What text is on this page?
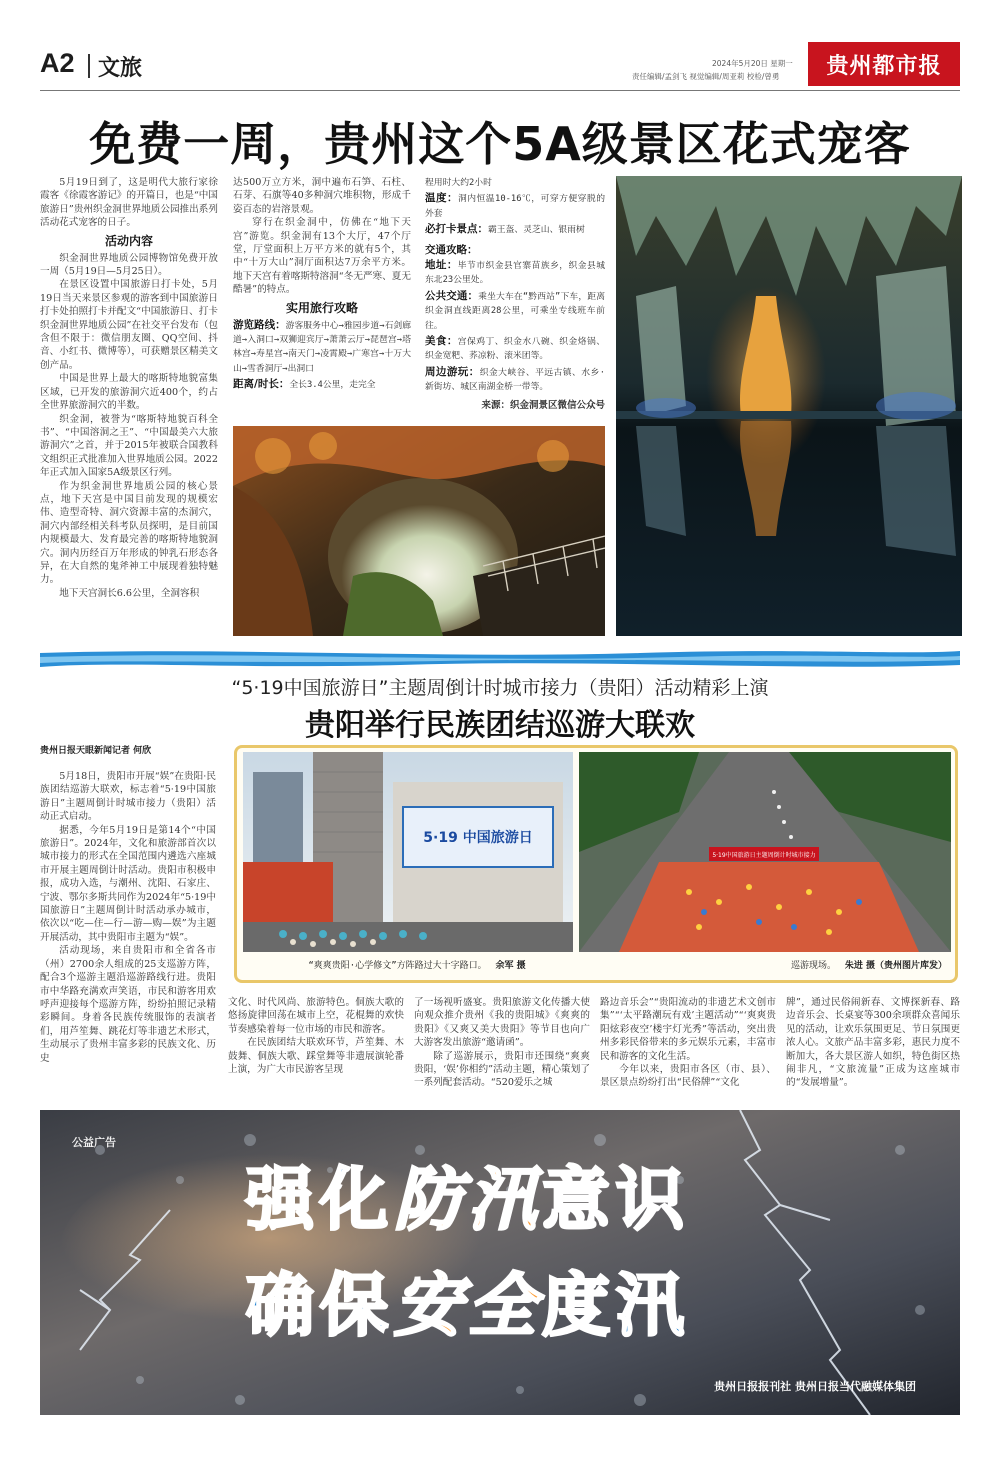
A2 文旅	2024年5月20日 星期一
责任编辑/孟剑飞 视觉编辑/周亚莉 校检/曾勇 贵州都市报
免费一周，贵州这个5A级景区花式宠客

5月19日到了，这是明代大旅行家徐霞客《徐霞客游记》的开篇日，也是“中国旅游日”贵州织金洞世界地质公园推出系列活动花式宠客的日子。

活动内容

织金洞世界地质公园博物馆免费开放一周（5月19日—5月25日）。

在景区设置中国旅游日打卡处，5月19日当天来景区参观的游客到中国旅游日打卡处拍照打卡并配文“中国旅游日、打卡织金洞世界地质公园”在社交平台发布（包含但不限于：微信朋友圈、QQ空间、抖音、小红书、微博等），可获赠景区精美文创产品。

中国是世界上最大的喀斯特地貌富集区域，已开发的旅游洞穴近400个，约占全世界旅游洞穴的半数。

织金洞，被誉为“喀斯特地貌百科全书”、“中国溶洞之王”、“中国最美六大旅游洞穴”之首，并于2015年被联合国教科文组织正式批准加入世界地质公园。2022年正式加入国家5A级景区行列。

作为织金洞世界地质公园的核心景点，地下天宫是中国目前发现的规模宏伟、造型奇特、洞穴资源丰富的杰洞穴，洞穴内部经相关科考队员探明，是目前国内规模最大、发育最完善的喀斯特地貌洞穴。洞内历经百万年形成的钟乳石形态各异，在大自然的鬼斧神工中展现着独特魅力。

地下天宫洞长6.6公里，全洞容积

达500万立方米，洞中遍布石笋、石柱、石芽、石旗等40多种洞穴堆积物，形成千姿百态的岩溶景观。

穿行在织金洞中，仿佛在“地下天宫”游览。织金洞有13个大厅，47个厅堂，厅堂面积上万平方米的就有5个，其中“十万大山”洞厅面积达7万余平方米。地下天宫有着喀斯特溶洞“冬无严寒、夏无酷暑”的特点。

实用旅行攻略
游览路线：游客服务中心→雅园步道→石剑廊道→入洞口→双狮迎宾厅→萧萧云厅→琵琶宫→塔林宫→寿星宫→南天门→凌霄殿→广寒宫→十万大山→雪香洞厅→出洞口
距离/时长：全长3.4公里，走完全
程用时大约2小时
温度：洞内恒温10-16℃，可穿方便穿脱的外套
必打卡景点：霸王盔、灵芝山、银雨树
交通攻略：
地址：毕节市织金县官寨苗族乡，织金县城东北23公里处。
公共交通：乘坐大车在“黔西站”下车，距离织金洞直线距离28公里，可乘坐专线班车前往。
美食：宫保鸡丁、织金水八碗、织金烙锅、织金宽粑、荞凉粉、滚米团等。
周边游玩：织金大峡谷、平远古镇、水乡·新街坊、城区南湖金桥一带等。
来源：织金洞景区微信公众号
“5·19中国旅游日”主题周倒计时城市接力（贵阳）活动精彩上演
贵阳举行民族团结巡游大联欢
贵州日报天眼新闻记者 何欣

5月18日，贵阳市开展“娱”在贵阳·民族团结巡游大联欢，标志着“5·19中国旅游日”主题周倒计时城市接力（贵阳）活动正式启动。

据悉，今年5月19日是第14个“中国旅游日”。2024年，文化和旅游部首次以城市接力的形式在全国范围内遴选六座城市开展主题周倒计时活动。贵阳市积极申报，成功入选，与潮州、沈阳、石家庄、宁波、鄂尔多斯共同作为2024年“5·19中国旅游日”主题周倒计时活动承办城市，依次以“吃—住—行—游—购—娱”为主题开展活动，其中贵阳市主题为“娱”。

活动现场，来自贵阳市和全省各市（州）2700余人组成的25支巡游方阵，配合3个巡游主题沿巡游路线行进。贵阳市中华路充满欢声笑语，市民和游客用欢呼声迎接每个巡游方阵，纷纷拍照记录精彩瞬间。身着各民族传统服饰的表演者们，用芦笙舞、跳花灯等非遗艺术形式，生动展示了贵州丰富多彩的民族文化、历史

5·19 中国旅游日
5·19中国旅游日主题周倒计时城市接力
“爽爽贵阳·心学修文”方阵路过大十字路口。 余军 摄	巡游现场。 朱进 摄（贵州图片库发）

文化、时代风尚、旅游特色。侗族大歌的悠扬旋律回荡在城市上空，花棍舞的欢快节奏感染着每一位市场的市民和游客。

在民族团结大联欢环节，芦笙舞、木鼓舞、侗族大歌、踩堂舞等非遗展演轮番上演，为广大市民游客呈现

了一场视听盛宴。贵阳旅游文化传播大使向观众推介贵州《我的贵阳城》《爽爽的贵阳》《又爽又美大贵阳》等节目也向广大游客发出旅游“邀请函”。

除了巡游展示，贵阳市还围绕“爽爽贵阳，‘娱’你相约”活动主题，精心策划了一系列配套活动。“520爱乐之城

路边音乐会”“贵阳流动的非遗艺术文创市集”“‘太平路潮玩有戏’主题活动”“‘爽爽贵阳炫彩夜空’楼宇灯光秀”等活动，突出贵州多彩民俗带来的多元娱乐元素，丰富市民和游客的文化生活。

今年以来，贵阳市各区（市、县）、景区景点纷纷打出“民俗牌”“文化

牌”，通过民俗闹新春、文博探新春、路边音乐会、长桌宴等300余项群众喜闻乐见的活动，让欢乐氛围更足、节日氛围更浓人心。文旅产品丰富多彩，惠民力度不断加大，各大景区游人如织，特色街区热闹非凡，“文旅流量”正成为这座城市的“发展增量”。

公益广告
强化防汛意识
确保安全度汛
贵州日报报刊社 贵州日报当代融媒体集团
